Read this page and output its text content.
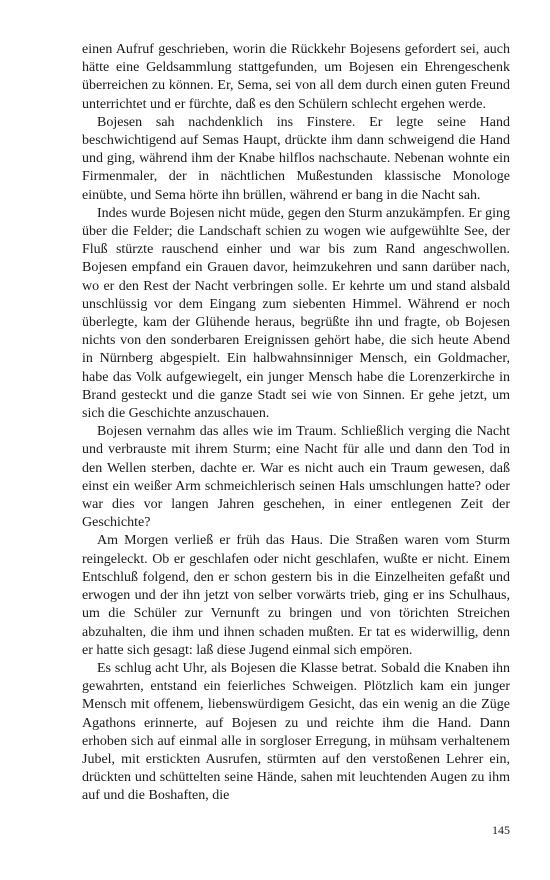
einen Aufruf geschrieben, worin die Rückkehr Bojesens gefordert sei, auch hätte eine Geldsammlung stattgefunden, um Bojesen ein Ehrengeschenk überreichen zu können. Er, Sema, sei von all dem durch einen guten Freund unterrichtet und er fürchte, daß es den Schülern schlecht ergehen werde.

Bojesen sah nachdenklich ins Finstere. Er legte seine Hand beschwichtigend auf Semas Haupt, drückte ihm dann schweigend die Hand und ging, während ihm der Knabe hilflos nachschaute. Nebenan wohnte ein Firmenmaler, der in nächtlichen Mußestunden klassische Monologe einübte, und Sema hörte ihn brüllen, während er bang in die Nacht sah.

Indes wurde Bojesen nicht müde, gegen den Sturm anzukämpfen. Er ging über die Felder; die Landschaft schien zu wogen wie aufgewühlte See, der Fluß stürzte rauschend einher und war bis zum Rand angeschwollen. Bojesen empfand ein Grauen davor, heimzukehren und sann darüber nach, wo er den Rest der Nacht verbringen solle. Er kehrte um und stand alsbald unschlüssig vor dem Eingang zum siebenten Himmel. Während er noch überlegte, kam der Glühende heraus, begrüßte ihn und fragte, ob Bojesen nichts von den sonderbaren Ereignissen gehört habe, die sich heute Abend in Nürnberg abgespielt. Ein halbwahnsinniger Mensch, ein Goldmacher, habe das Volk aufgewiegelt, ein junger Mensch habe die Lorenzerkirche in Brand gesteckt und die ganze Stadt sei wie von Sinnen. Er gehe jetzt, um sich die Geschichte anzuschauen.

Bojesen vernahm das alles wie im Traum. Schließlich verging die Nacht und verbrauste mit ihrem Sturm; eine Nacht für alle und dann den Tod in den Wellen sterben, dachte er. War es nicht auch ein Traum gewesen, daß einst ein weißer Arm schmeichlerisch seinen Hals umschlungen hatte? oder war dies vor langen Jahren geschehen, in einer entlegenen Zeit der Geschichte?

Am Morgen verließ er früh das Haus. Die Straßen waren vom Sturm reingeleckt. Ob er geschlafen oder nicht geschlafen, wußte er nicht. Einem Entschluß folgend, den er schon gestern bis in die Einzelheiten gefaßt und erwogen und der ihn jetzt von selber vorwärts trieb, ging er ins Schulhaus, um die Schüler zur Vernunft zu bringen und von törichten Streichen abzuhalten, die ihm und ihnen schaden mußten. Er tat es widerwillig, denn er hatte sich gesagt: laß diese Jugend einmal sich empören.

Es schlug acht Uhr, als Bojesen die Klasse betrat. Sobald die Knaben ihn gewahrten, entstand ein feierliches Schweigen. Plötzlich kam ein junger Mensch mit offenem, liebenswürdigem Gesicht, das ein wenig an die Züge Agathons erinnerte, auf Bojesen zu und reichte ihm die Hand. Dann erhoben sich auf einmal alle in sorgloser Erregung, in mühsam verhaltenem Jubel, mit erstickten Ausrufen, stürmten auf den verstoßenen Lehrer ein, drückten und schüttelten seine Hände, sahen mit leuchtenden Augen zu ihm auf und die Boshaften, die

145
